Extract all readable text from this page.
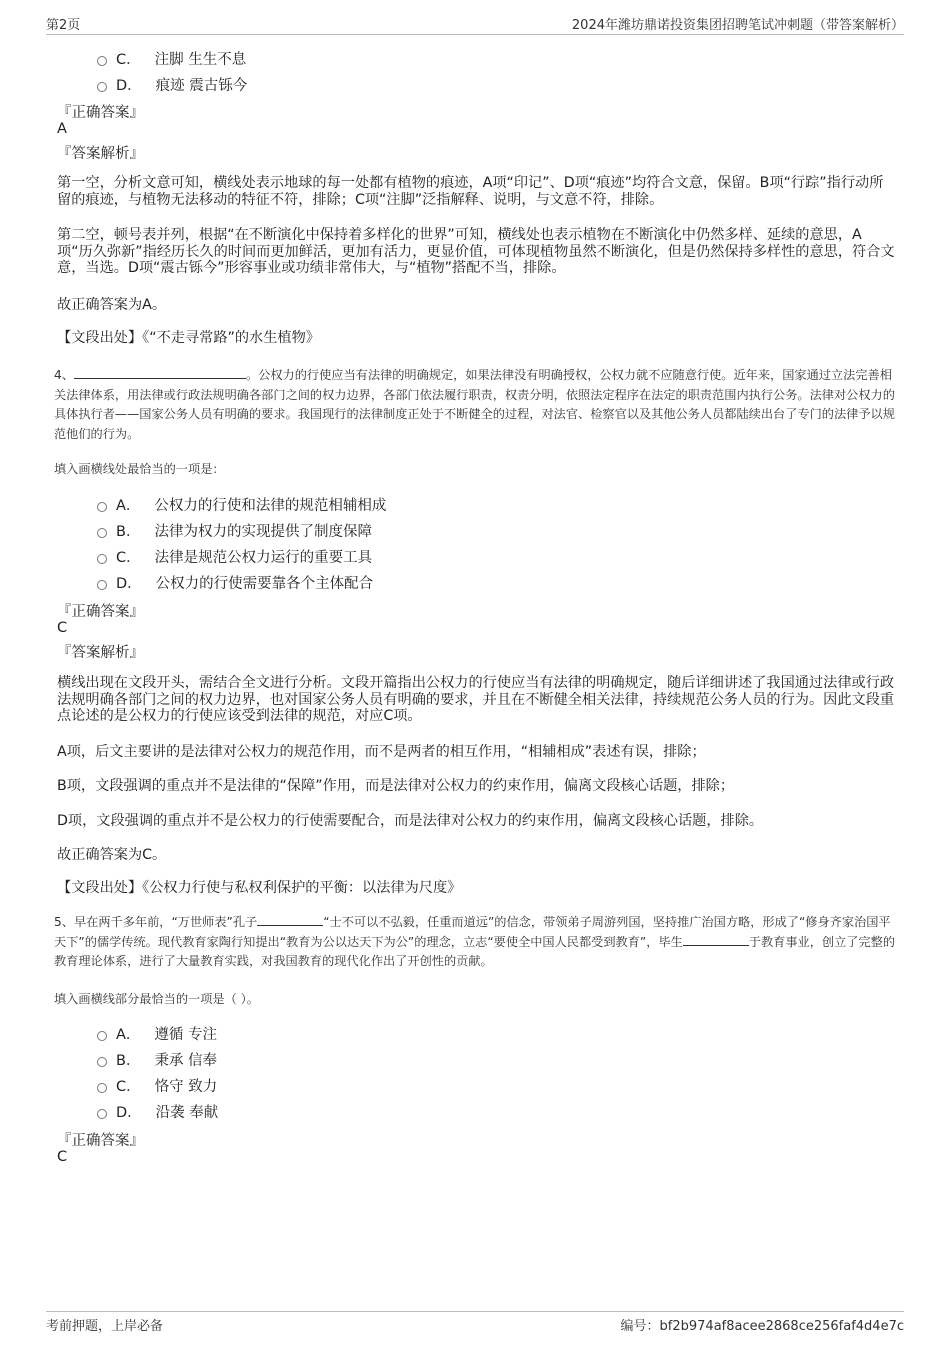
第2页	2024年潍坊鼎诺投资集团招聘笔试冲刺题（带答案解析）
C． 注脚 生生不息
D． 痕迹 震古铄今
『正确答案』
A
『答案解析』
第一空，分析文意可知，横线处表示地球的每一处都有植物的痕迹，A项“印记”、D项“痕迹”均符合文意，保留。B项“行踪”指行动所留的痕迹，与植物无法移动的特征不符，排除；C项“注脚”泛指解释、说明，与文意不符，排除。
第二空，顿号表并列，根据“在不断演化中保持着多样化的世界”可知，横线处也表示植物在不断演化中仍然多样、延续的意思，A项“历久弥新”指经历长久的时间而更加鲜活，更加有活力，更显价值，可体现植物虽然不断演化，但是仍然保持多样性的意思，符合文意，当选。D项“震古铄今”形容事业或功绩非常伟大，与“植物”搭配不当，排除。
故正确答案为A。
【文段出处】《“不走寻常路”的水生植物》
4、	。公权力的行使应当有法律的明确规定，如果法律没有明确授权，公权力就不应随意行使。近年来，国家通过立法完善相关法律体系，用法律或行政法规明确各部门之间的权力边界，各部门依法履行职责，权责分明，依照法定程序在法定的职责范围内执行公务。法律对公权力的具体执行者——国家公务人员有明确的要求。我国现行的法律制度正处于不断健全的过程，对法官、检察官以及其他公务人员都陆续出台了专门的法律予以规范他们的行为。
填入画横线处最恰当的一项是：
A． 公权力的行使和法律的规范相辅相成
B． 法律为权力的实现提供了制度保障
C． 法律是规范公权力运行的重要工具
D． 公权力的行使需要靠各个主体配合
『正确答案』
C
『答案解析』
横线出现在文段开头，需结合全文进行分析。文段开篇指出公权力的行使应当有法律的明确规定，随后详细讲述了我国通过法律或行政法规明确各部门之间的权力边界，也对国家公务人员有明确的要求，并且在不断健全相关法律，持续规范公务人员的行为。因此文段重点论述的是公权力的行使应该受到法律的规范，对应C项。
A项，后文主要讲的是法律对公权力的规范作用，而不是两者的相互作用，“相辅相成”表述有误，排除；
B项，文段强调的重点并不是法律的“保障”作用，而是法律对公权力的约束作用，偏离文段核心话题，排除；
D项，文段强调的重点并不是公权力的行使需要配合，而是法律对公权力的约束作用，偏离文段核心话题，排除。
故正确答案为C。
【文段出处】《公权力行使与私权利保护的平衡：以法律为尺度》
5、早在两千多年前，“万世师表”孔子	“士不可以不弘毅，任重而道远”的信念，带领弟子周游列国，坚持推广治国方略，形成了“修身齐家治国平天下”的儒学传统。现代教育家陶行知提出“教育为公以达天下为公”的理念，立志“要使全中国人民都受到教育”，毕生	于教育事业，创立了完整的教育理论体系，进行了大量教育实践，对我国教育的现代化作出了开创性的贡献。
填入画横线部分最恰当的一项是（ ）。
A． 遵循 专注
B． 秉承 信奉
C． 恪守 致力
D． 沿袭 奉献
『正确答案』
C
考前押题，上岸必备	编号：bf2b974af8acee2868ce256faf4d4e7c
